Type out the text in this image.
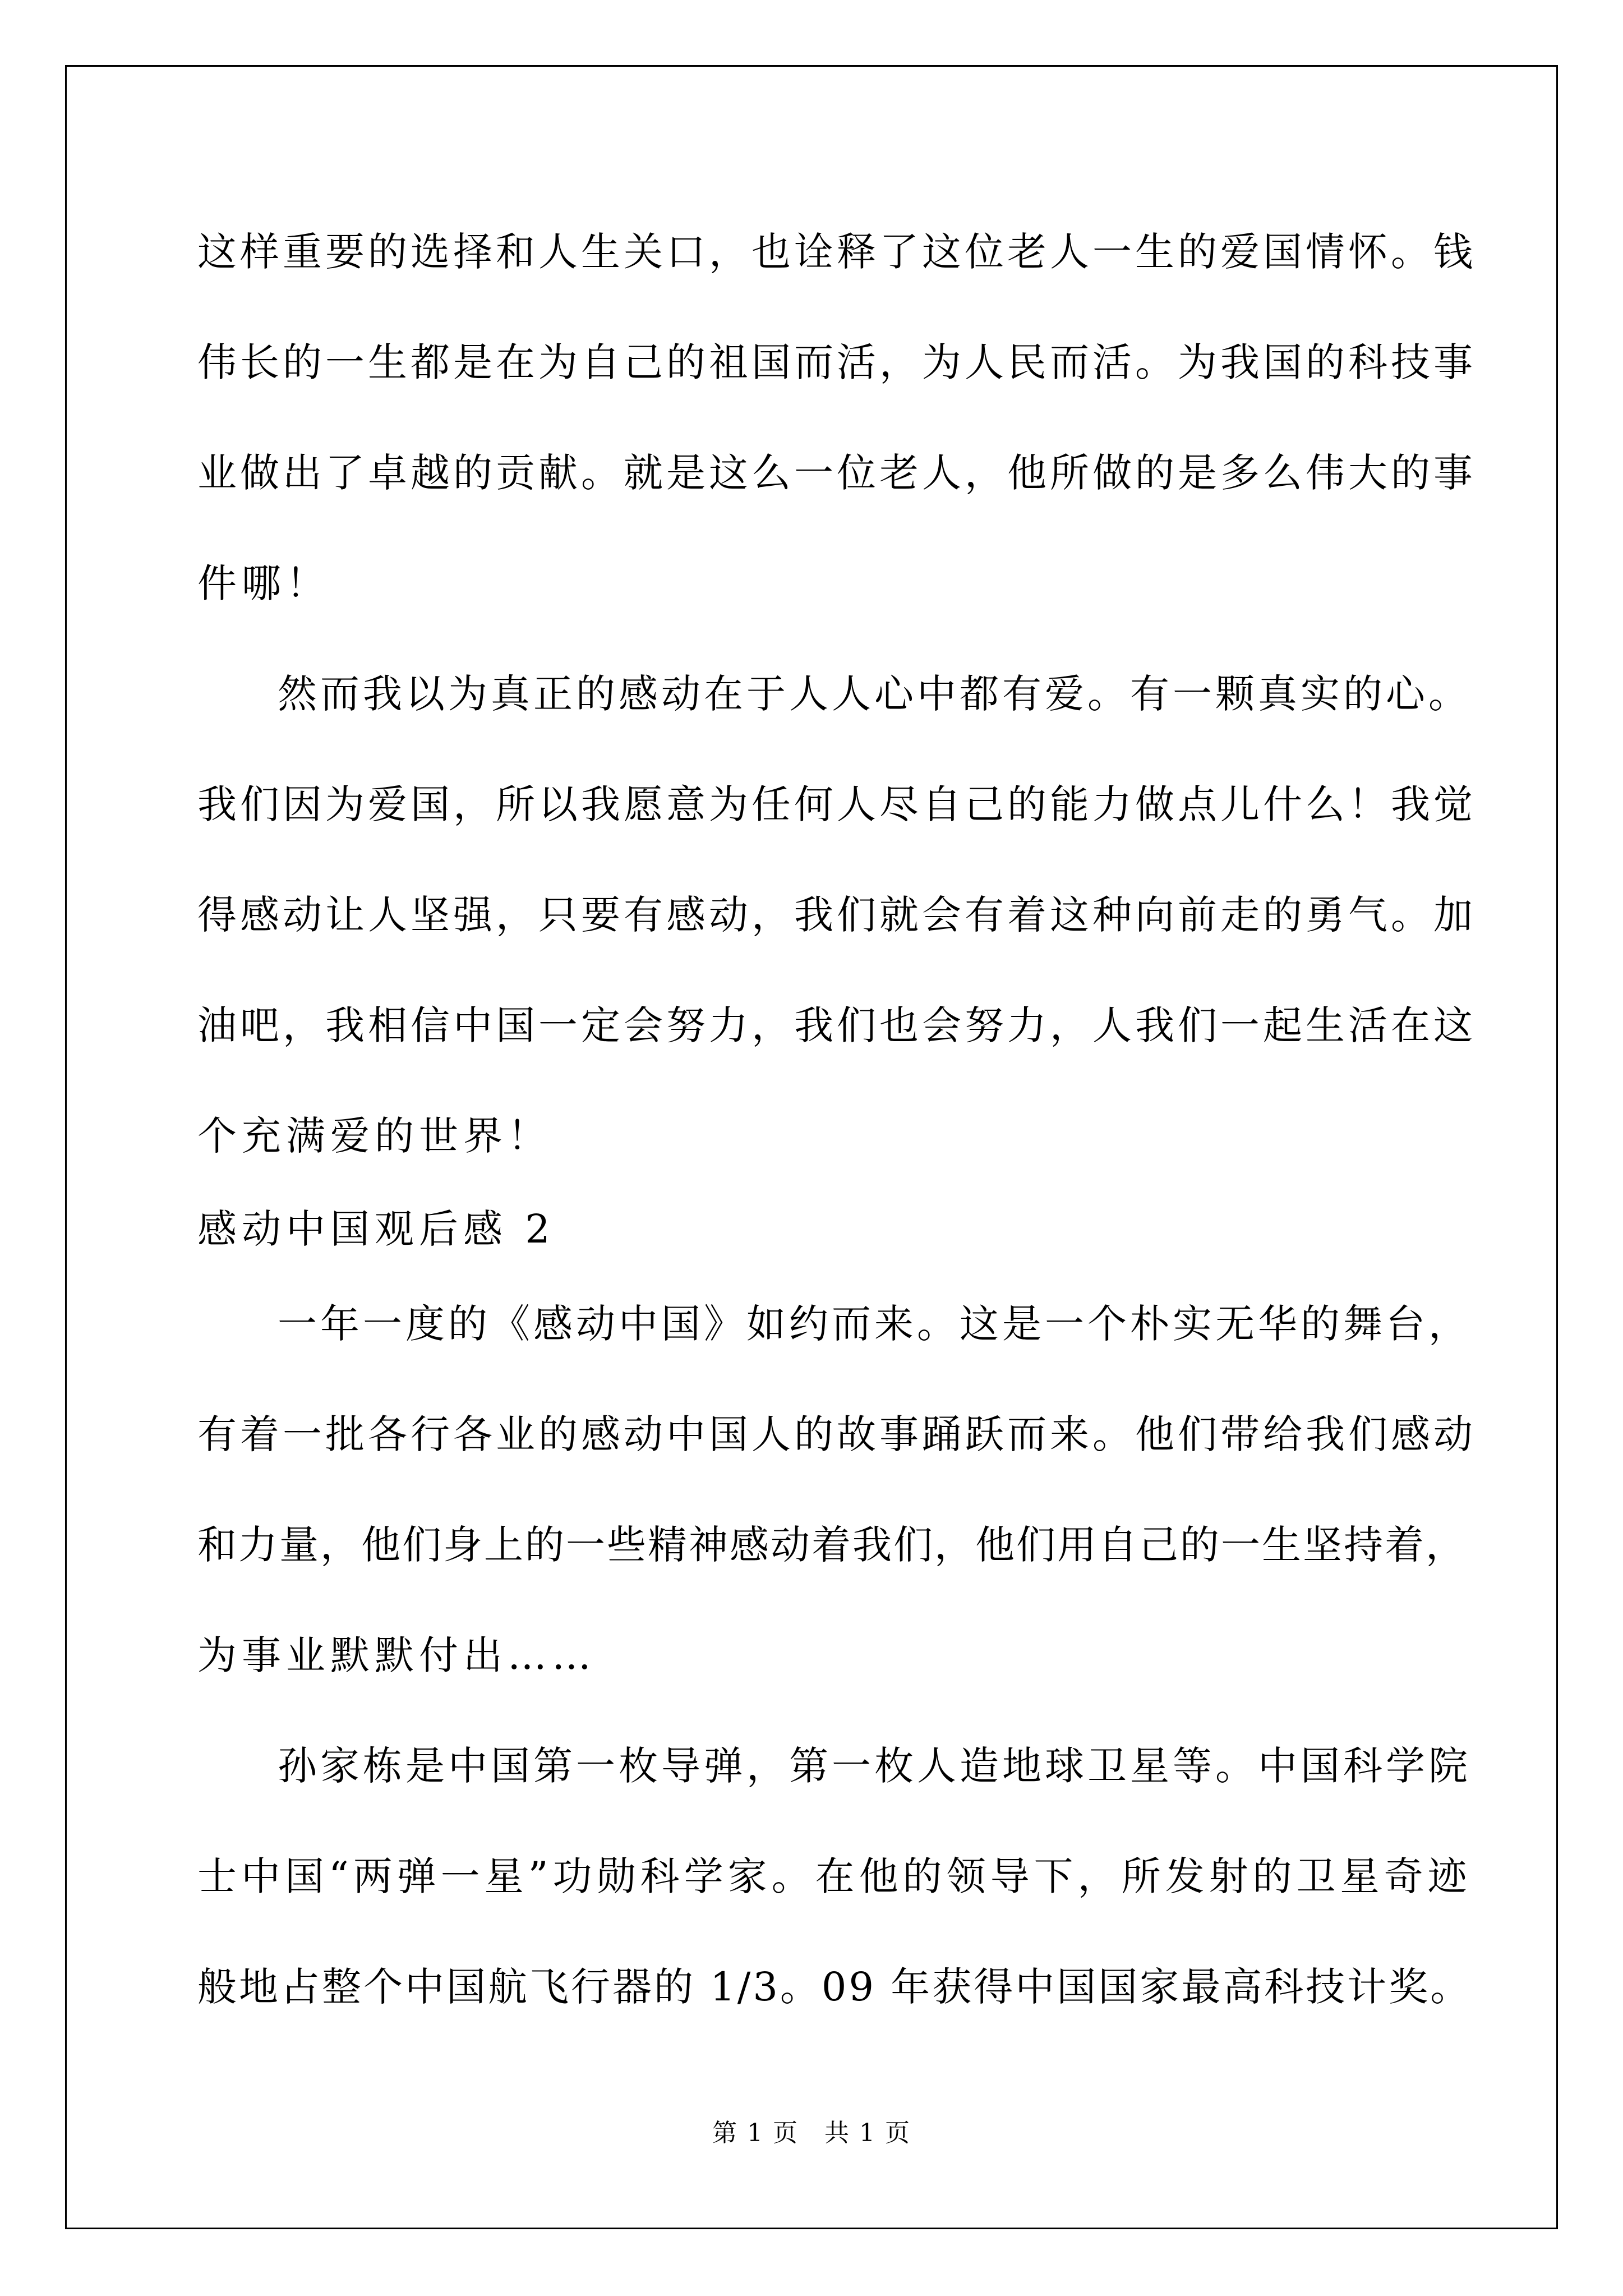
这样重要的选择和人生关口，也诠释了这位老人一生的爱国情怀。钱
伟长的一生都是在为自己的祖国而活，为人民而活。为我国的科技事
业做出了卓越的贡献。就是这么一位老人，他所做的是多么伟大的事
件哪！
然而我以为真正的感动在于人人心中都有爱。有一颗真实的心。
我们因为爱国，所以我愿意为任何人尽自己的能力做点儿什么！我觉
得感动让人坚强，只要有感动，我们就会有着这种向前走的勇气。加
油吧，我相信中国一定会努力，我们也会努力，人我们一起生活在这
个充满爱的世界！
感动中国观后感 2
一年一度的《感动中国》如约而来。这是一个朴实无华的舞台，
有着一批各行各业的感动中国人的故事踊跃而来。他们带给我们感动
和力量，他们身上的一些精神感动着我们，他们用自己的一生坚持着，
为事业默默付出……
孙家栋是中国第一枚导弹，第一枚人造地球卫星等。中国科学院
士中国“两弹一星”功勋科学家。在他的领导下，所发射的卫星奇迹
般地占整个中国航飞行器的 1/3。09 年获得中国国家最高科技计奖。
第 1 页　共 1 页
